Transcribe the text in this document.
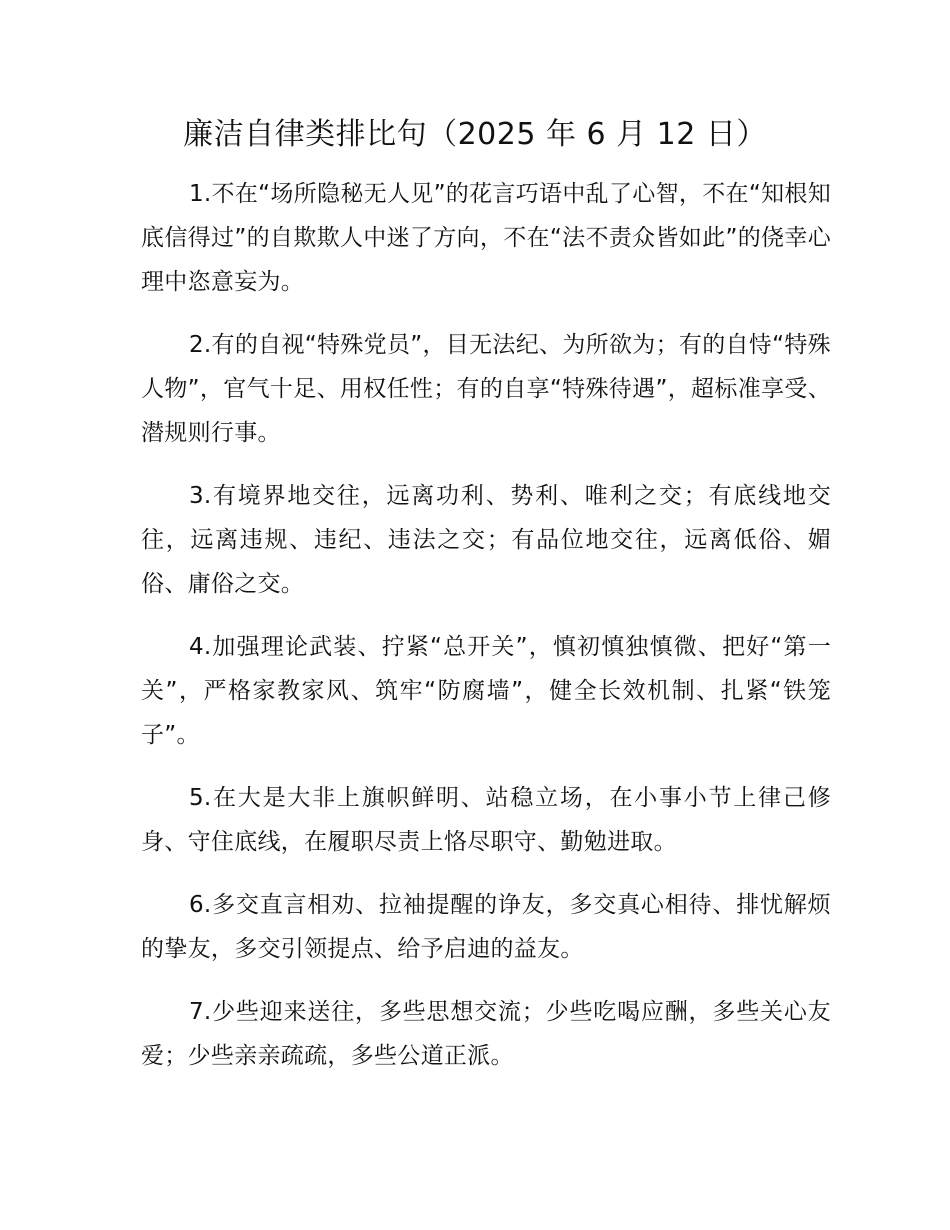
廉洁自律类排比句（2025 年 6 月 12 日）

1.不在“场所隐秘无人见”的花言巧语中乱了心智，不在“知根知底信得过”的自欺欺人中迷了方向，不在“法不责众皆如此”的侥幸心理中恣意妄为。

2.有的自视“特殊党员”，目无法纪、为所欲为；有的自恃“特殊人物”，官气十足、用权任性；有的自享“特殊待遇”，超标准享受、潜规则行事。

3.有境界地交往，远离功利、势利、唯利之交；有底线地交往，远离违规、违纪、违法之交；有品位地交往，远离低俗、媚俗、庸俗之交。

4.加强理论武装、拧紧“总开关”，慎初慎独慎微、把好“第一关”，严格家教家风、筑牢“防腐墙”，健全长效机制、扎紧“铁笼子”。

5.在大是大非上旗帜鲜明、站稳立场，在小事小节上律己修身、守住底线，在履职尽责上恪尽职守、勤勉进取。

6.多交直言相劝、拉袖提醒的诤友，多交真心相待、排忧解烦的挚友，多交引领提点、给予启迪的益友。

7.少些迎来送往，多些思想交流；少些吃喝应酬，多些关心友爱；少些亲亲疏疏，多些公道正派。
